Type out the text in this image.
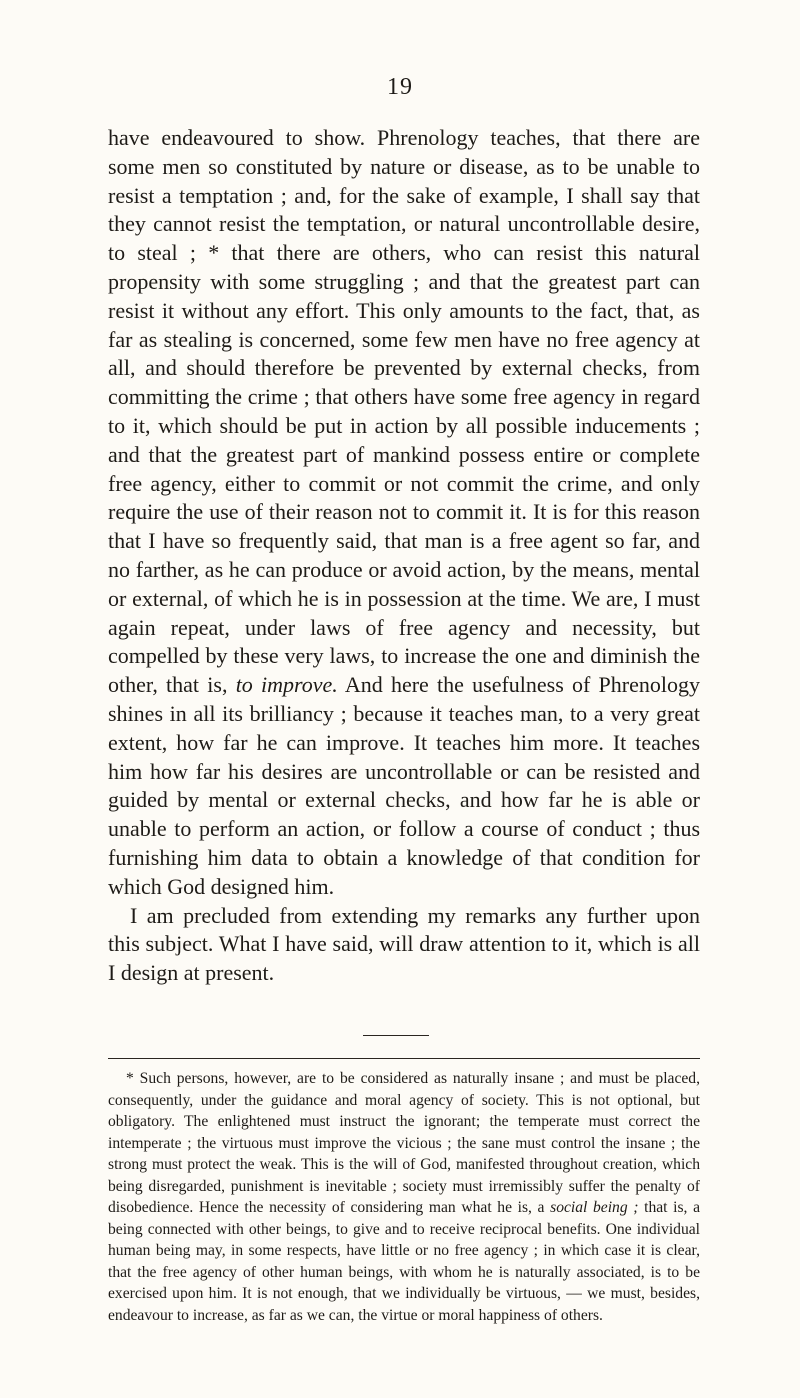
19

have endeavoured to show. Phrenology teaches, that there are some men so constituted by nature or disease, as to be unable to resist a temptation ; and, for the sake of example, I shall say that they cannot resist the temptation, or natural uncontrollable desire, to steal ; * that there are others, who can resist this natural propensity with some struggling ; and that the greatest part can resist it without any effort. This only amounts to the fact, that, as far as stealing is concerned, some few men have no free agency at all, and should therefore be prevented by external checks, from committing the crime ; that others have some free agency in regard to it, which should be put in action by all possible inducements ; and that the greatest part of mankind possess entire or complete free agency, either to commit or not commit the crime, and only require the use of their reason not to commit it. It is for this reason that I have so frequently said, that man is a free agent so far, and no farther, as he can produce or avoid action, by the means, mental or external, of which he is in possession at the time. We are, I must again repeat, under laws of free agency and necessity, but compelled by these very laws, to increase the one and diminish the other, that is, to improve. And here the usefulness of Phrenology shines in all its brilliancy ; because it teaches man, to a very great extent, how far he can improve. It teaches him more. It teaches him how far his desires are uncontrollable or can be resisted and guided by mental or external checks, and how far he is able or unable to perform an action, or follow a course of conduct ; thus furnishing him data to obtain a knowledge of that condition for which God designed him.

I am precluded from extending my remarks any further upon this subject. What I have said, will draw attention to it, which is all I design at present.

* Such persons, however, are to be considered as naturally insane ; and must be placed, consequently, under the guidance and moral agency of society. This is not optional, but obligatory. The enlightened must instruct the ignorant; the temperate must correct the intemperate ; the virtuous must improve the vicious ; the sane must control the insane ; the strong must protect the weak. This is the will of God, manifested throughout creation, which being disregarded, punishment is inevitable ; society must irremissibly suffer the penalty of disobedience. Hence the necessity of considering man what he is, a social being ; that is, a being connected with other beings, to give and to receive reciprocal benefits. One individual human being may, in some respects, have little or no free agency ; in which case it is clear, that the free agency of other human beings, with whom he is naturally associated, is to be exercised upon him. It is not enough, that we individually be virtuous, — we must, besides, endeavour to increase, as far as we can, the virtue or moral happiness of others.
